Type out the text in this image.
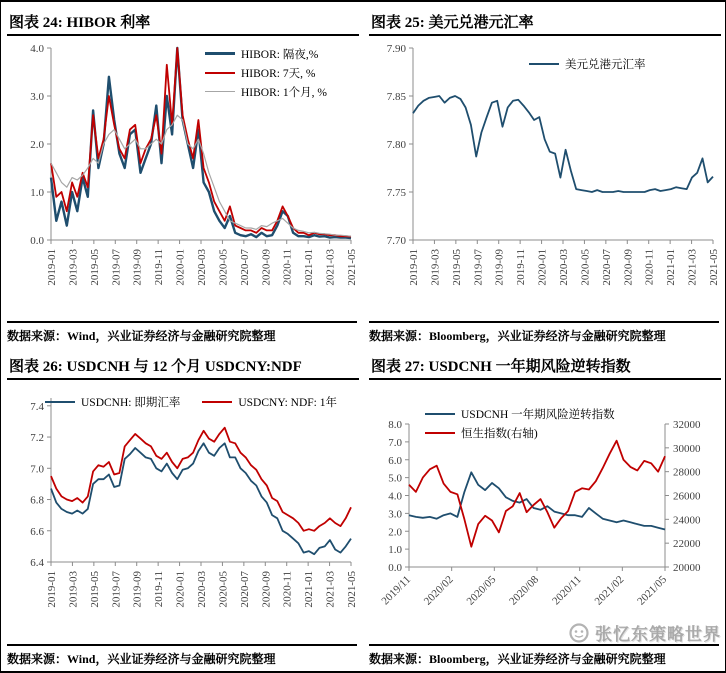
图表 24: HIBOR 利率
0.0
1.0
2.0
3.0
4.0
2019-01 2019-03 2019-05 2019-07 2019-09 2019-11 2020-01 2020-03 2020-05 2020-07 2020-09 2020-11 2021-01 2021-03 2021-05
HIBOR: 隔夜,%
HIBOR: 7天, %
HIBOR: 1个月, %
数据来源：Wind，兴业证券经济与金融研究院整理
图表 25: 美元兑港元汇率
7.70
7.75
7.80
7.85
7.90
2019-01 2019-03 2019-05 2019-07 2019-09 2019-11 2020-01 2020-03 2020-05 2020-07 2020-09 2020-11 2021-01 2021-03 2021-05
美元兑港元汇率
数据来源：Bloomberg，兴业证券经济与金融研究院整理
图表 26: USDCNH 与 12 个月 USDCNY:NDF
6.4
6.6
6.8
7.0
7.2
7.4
2019-01 2019-03 2019-05 2019-07 2019-09 2019-11 2020-01 2020-03 2020-05 2020-07 2020-09 2020-11 2021-01 2021-03 2021-05
USDCNH: 即期汇率	USDCNY: NDF: 1年
数据来源：Wind，兴业证券经济与金融研究院整理
图表 27: USDCNH 一年期风险逆转指数
0.0
1.0
2.0
3.0
4.0
5.0
6.0
7.0
8.0
20000
22000
24000
26000
28000
30000
32000
2019/11 2020/02 2020/05 2020/08 2020/11 2021/02 2021/05
USDCNH 一年期风险逆转指数
恒生指数(右轴)
张忆东策略世界
数据来源：Bloomberg，兴业证券经济与金融研究院整理
